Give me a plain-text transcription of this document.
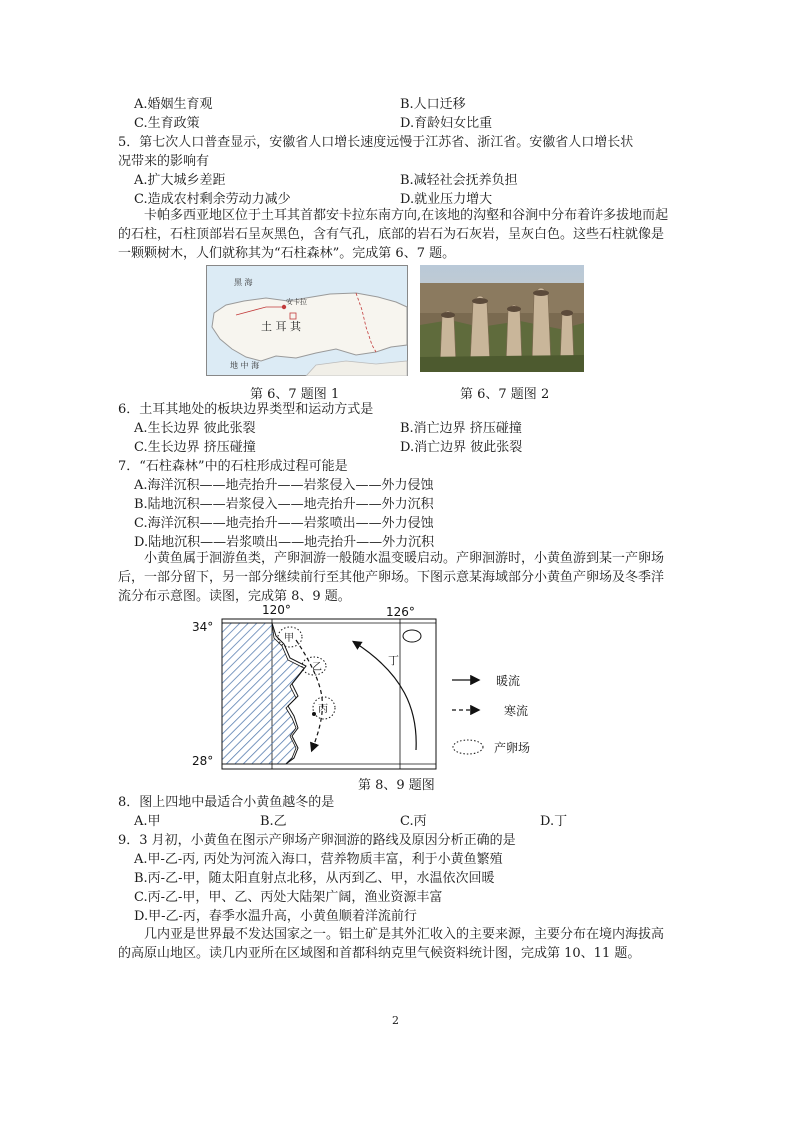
A.婚姻生育观	B.人口迁移
C.生育政策	D.育龄妇女比重
5．第七次人口普查显示，安徽省人口增长速度远慢于江苏省、浙江省。安徽省人口增长状
况带来的影响有
A.扩大城乡差距	B.减轻社会抚养负担
C.造成农村剩余劳动力减少	D.就业压力增大
卡帕多西亚地区位于土耳其首都安卡拉东南方向,在该地的沟壑和谷涧中分布着许多拔地而起的石柱，石柱顶部岩石呈灰黑色，含有气孔，底部的岩石为石灰岩，呈灰白色。这些石柱就像是一颗颗树木，人们就称其为“石柱森林”。完成第 6、7 题。
黑 海
安卡拉
土 耳 其
地 中 海
第 6、7 题图 1	第 6、7 题图 2
6．土耳其地处的板块边界类型和运动方式是
A.生长边界 彼此张裂	B.消亡边界 挤压碰撞
C.生长边界 挤压碰撞	D.消亡边界 彼此张裂
7．“石柱森林”中的石柱形成过程可能是
A.海洋沉积——地壳抬升——岩浆侵入——外力侵蚀
B.陆地沉积——岩浆侵入——地壳抬升——外力沉积
C.海洋沉积——地壳抬升——岩浆喷出——外力侵蚀
D.陆地沉积——岩浆喷出——地壳抬升——外力沉积
小黄鱼属于洄游鱼类，产卵洄游一般随水温变暖启动。产卵洄游时，小黄鱼游到某一产卵场后，一部分留下，另一部分继续前行至其他产卵场。下图示意某海域部分小黄鱼产卵场及冬季洋流分布示意图。读图，完成第 8、9 题。
120°	126°
34°
28°
甲
乙
丙
丁
暖流
寒流
产卵场
第 8、9 题图
8．图上四地中最适合小黄鱼越冬的是
A.甲	B.乙	C.丙	D.丁
9．3 月初，小黄鱼在图示产卵场产卵洄游的路线及原因分析正确的是
A.甲-乙-丙, 丙处为河流入海口，营养物质丰富，利于小黄鱼繁殖
B.丙-乙-甲，随太阳直射点北移，从丙到乙、甲，水温依次回暖
C.丙-乙-甲，甲、乙、丙处大陆架广阔，渔业资源丰富
D.甲-乙-丙，春季水温升高，小黄鱼顺着洋流前行
几内亚是世界最不发达国家之一。铝土矿是其外汇收入的主要来源，主要分布在境内海拔高的高原山地区。读几内亚所在区域图和首都科纳克里气候资料统计图，完成第 10、11 题。
2
